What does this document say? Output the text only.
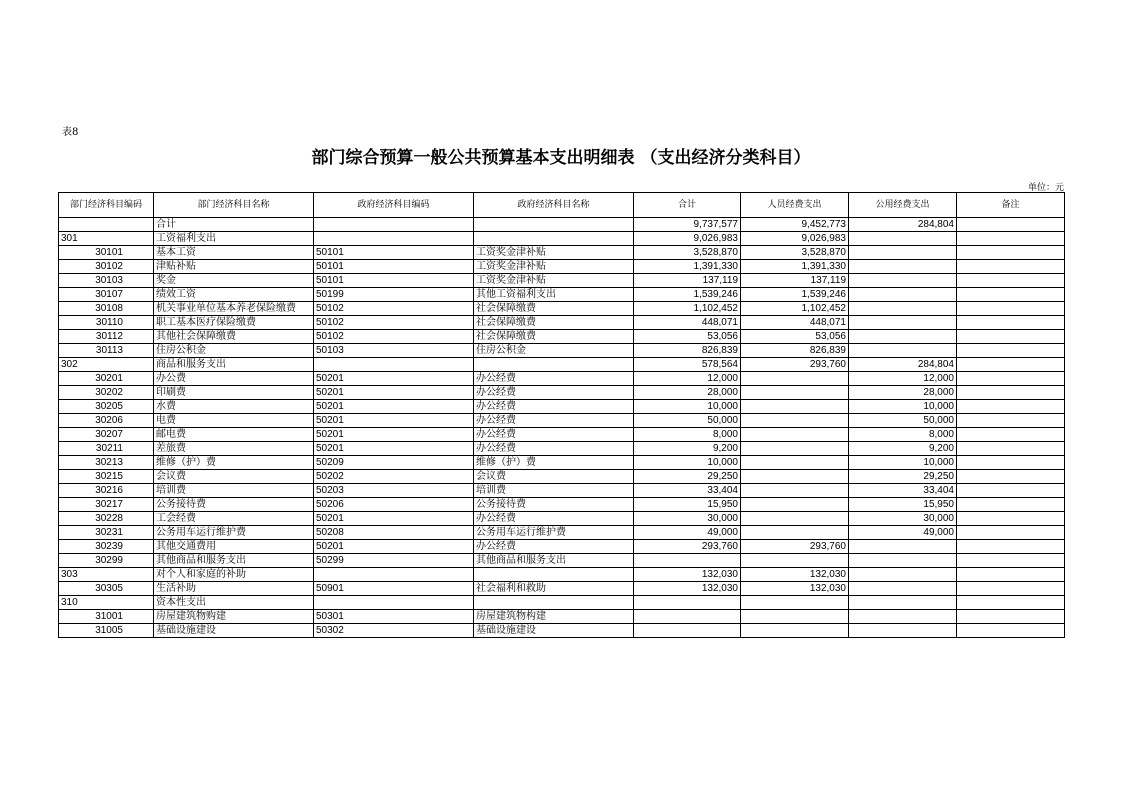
表8
部门综合预算一般公共预算基本支出明细表 （支出经济分类科目）
单位：元
部门经济科目编码	部门经济科目名称	政府经济科目编码	政府经济科目名称	合计	人员经费支出	公用经费支出	备注
	合计			9,737,577	9,452,773	284,804	
301	工资福利支出			9,026,983	9,026,983		
30101	基本工资	50101	工资奖金津补贴	3,528,870	3,528,870		
30102	津贴补贴	50101	工资奖金津补贴	1,391,330	1,391,330		
30103	奖金	50101	工资奖金津补贴	137,119	137,119		
30107	绩效工资	50199	其他工资福利支出	1,539,246	1,539,246		
30108	机关事业单位基本养老保险缴费	50102	社会保障缴费	1,102,452	1,102,452		
30110	职工基本医疗保险缴费	50102	社会保障缴费	448,071	448,071		
30112	其他社会保障缴费	50102	社会保障缴费	53,056	53,056		
30113	住房公积金	50103	住房公积金	826,839	826,839		
302	商品和服务支出			578,564	293,760	284,804	
30201	办公费	50201	办公经费	12,000		12,000	
30202	印刷费	50201	办公经费	28,000		28,000	
30205	水费	50201	办公经费	10,000		10,000	
30206	电费	50201	办公经费	50,000		50,000	
30207	邮电费	50201	办公经费	8,000		8,000	
30211	差旅费	50201	办公经费	9,200		9,200	
30213	维修（护）费	50209	维修（护）费	10,000		10,000	
30215	会议费	50202	会议费	29,250		29,250	
30216	培训费	50203	培训费	33,404		33,404	
30217	公务接待费	50206	公务接待费	15,950		15,950	
30228	工会经费	50201	办公经费	30,000		30,000	
30231	公务用车运行维护费	50208	公务用车运行维护费	49,000		49,000	
30239	其他交通费用	50201	办公经费	293,760	293,760		
30299	其他商品和服务支出	50299	其他商品和服务支出				
303	对个人和家庭的补助			132,030	132,030		
30305	生活补助	50901	社会福利和救助	132,030	132,030		
310	资本性支出						
31001	房屋建筑物购建	50301	房屋建筑物构建				
31005	基础设施建设	50302	基础设施建设				
